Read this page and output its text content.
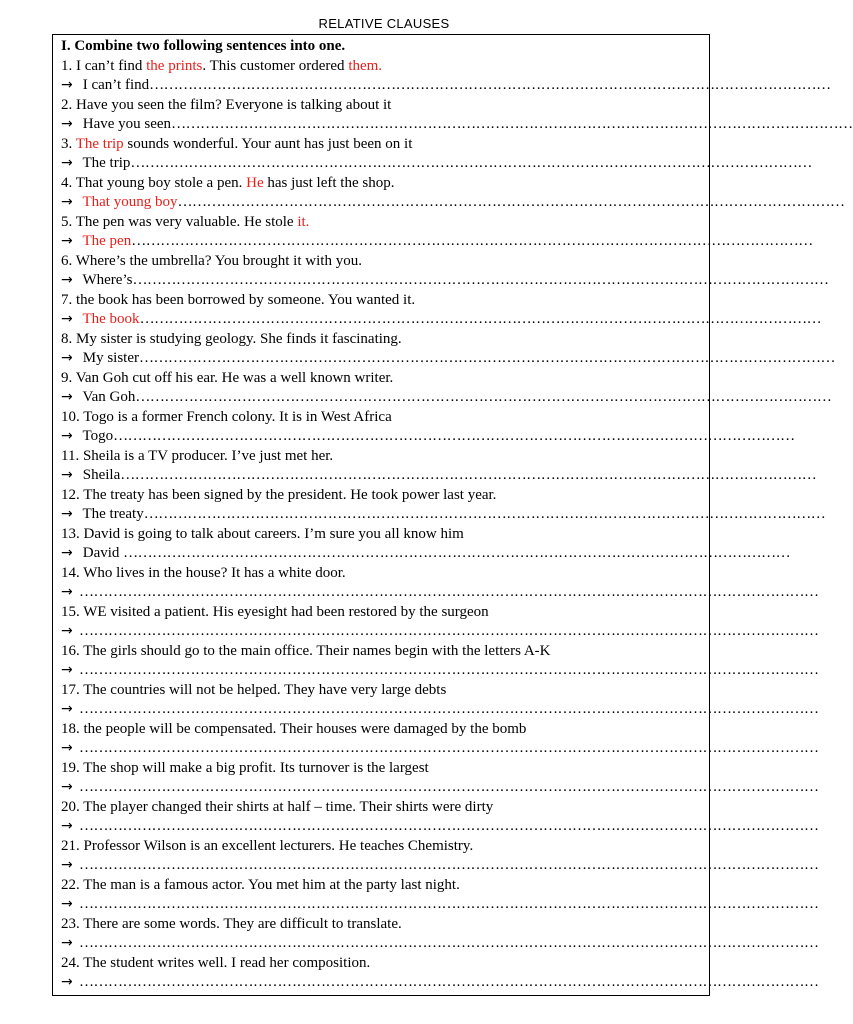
RELATIVE CLAUSES
I. Combine two following sentences into one.
1. I can’t find the prints. This customer ordered them.
→ I can’t find……………………………………………………………………………………………………………………………
2. Have you seen the film? Everyone is talking about it
→ Have you seen……………………………………………………………………………………………………………………………
3. The trip sounds wonderful. Your aunt has just been on it
→ The trip……………………………………………………………………………………………………………………………
4. That young boy stole a pen. He has just left the shop.
→ That young boy…………………………………………………………………………………………………………………………
5. The pen was very valuable. He stole it.
→ The pen……………………………………………………………………………………………………………………………
6. Where’s the umbrella? You brought it with you.
→ Where’s………………………………………………………………………………………………………………………………
7. the book has been borrowed by someone. You wanted it.
→ The book……………………………………………………………………………………………………………………………
8. My sister is studying geology. She finds it fascinating.
→ My sister………………………………………………………………………………………………………………………………
9. Van Goh cut off his ear. He was a well known writer.
→ Van Goh………………………………………………………………………………………………………………………………
10. Togo is a former French colony. It is in West Africa
→ Togo……………………………………………………………………………………………………………………………
11. Sheila is a TV producer. I’ve just met her.
→ Sheila………………………………………………………………………………………………………………………………
12. The treaty has been signed by the president. He took power last year.
→ The treaty……………………………………………………………………………………………………………………………
13. David is going to talk about careers. I’m sure you all know him
→ David …………………………………………………………………………………………………………………………
14. Who lives in the house? It has a white door.
→ ………………………………………………………………………………………………………………………………………
15. WE visited a patient. His eyesight had been restored by the surgeon
→ ………………………………………………………………………………………………………………………………………
16. The girls should go to the main office. Their names begin with the letters A-K
→ ………………………………………………………………………………………………………………………………………
17. The countries will not be helped. They have very large debts
→ ………………………………………………………………………………………………………………………………………
18. the people will be compensated. Their houses were damaged by the bomb
→ ………………………………………………………………………………………………………………………………………
19. The shop will make a big profit. Its turnover is the largest
→ ………………………………………………………………………………………………………………………………………
20. The player changed their shirts at half – time. Their shirts were dirty
→ ………………………………………………………………………………………………………………………………………
21. Professor Wilson is an excellent lecturers. He teaches Chemistry.
→ ………………………………………………………………………………………………………………………………………
22. The man is a famous actor. You met him at the party last night.
→ ………………………………………………………………………………………………………………………………………
23. There are some words. They are difficult to translate.
→ ………………………………………………………………………………………………………………………………………
24. The student writes well. I read her composition.
→ ………………………………………………………………………………………………………………………………………
